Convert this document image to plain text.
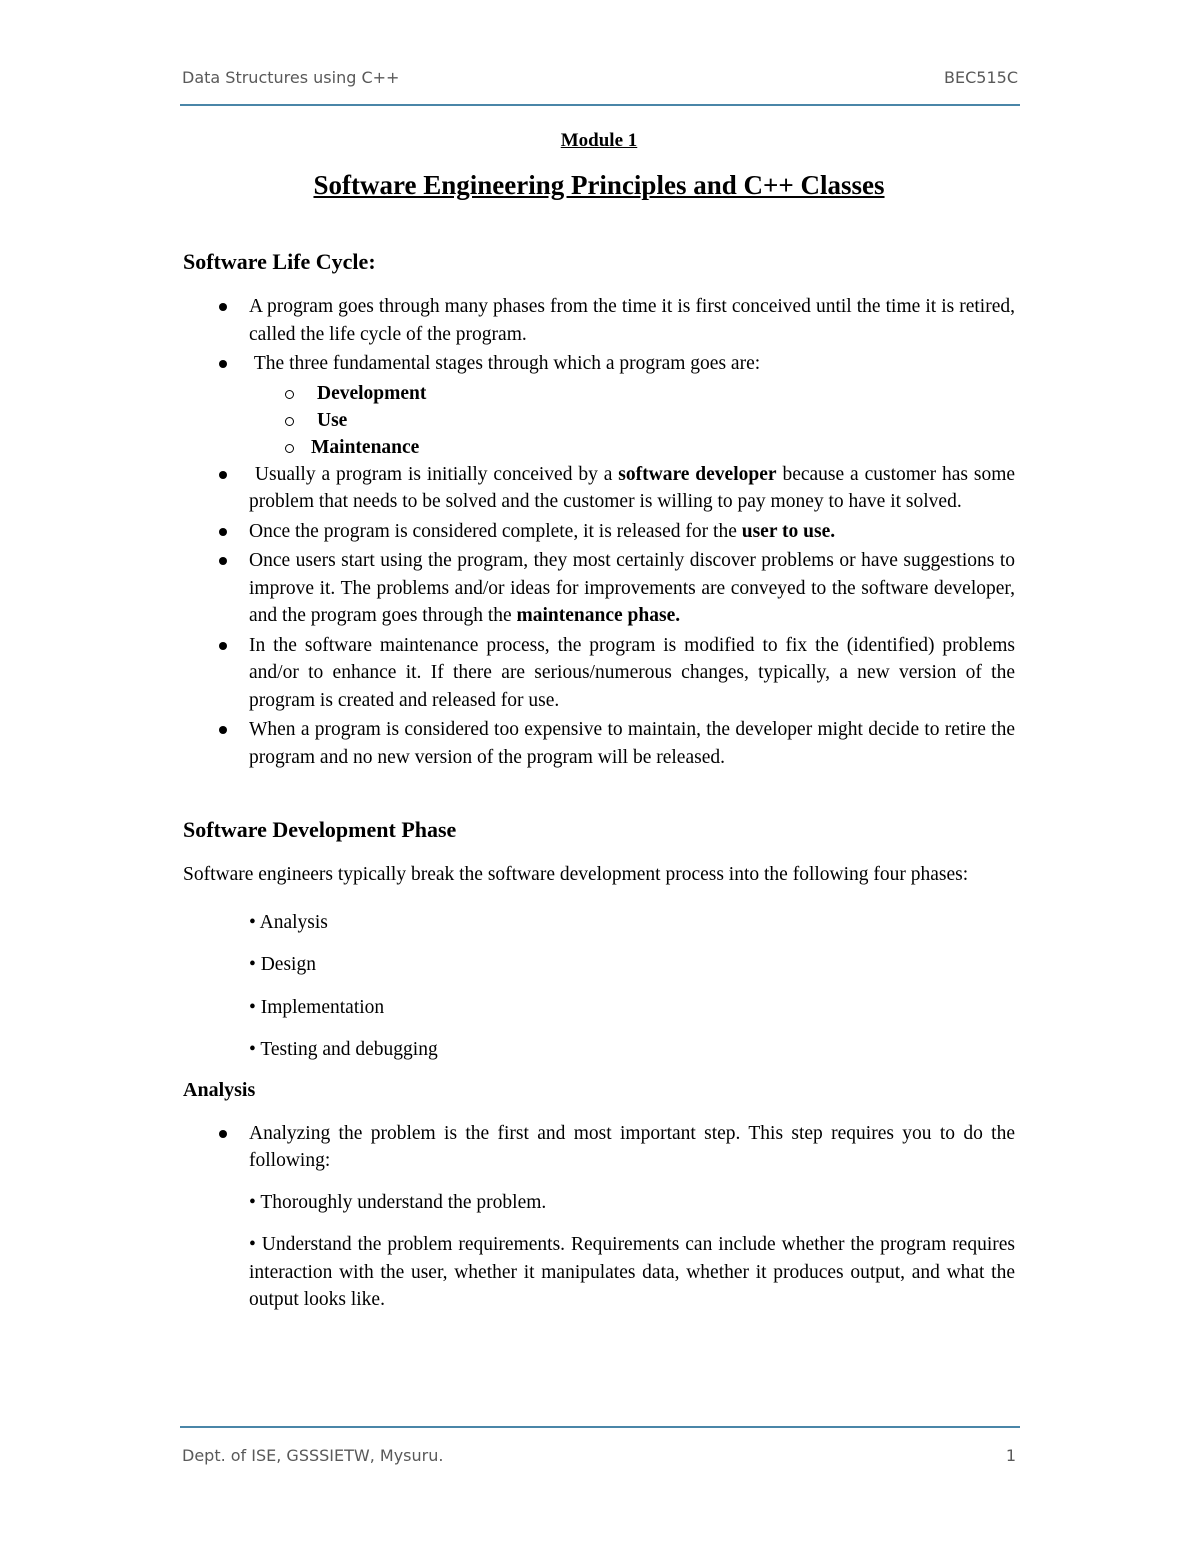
Data Structures using C++	BEC515C
Module 1
Software Engineering Principles and C++ Classes
Software Life Cycle:
A program goes through many phases from the time it is first conceived until the time it is retired, called the life cycle of the program.
The three fundamental stages through which a program goes are:
Development
Use
Maintenance
Usually a program is initially conceived by a software developer because a customer has some problem that needs to be solved and the customer is willing to pay money to have it solved.
Once the program is considered complete, it is released for the user to use.
Once users start using the program, they most certainly discover problems or have suggestions to improve it. The problems and/or ideas for improvements are conveyed to the software developer, and the program goes through the maintenance phase.
In the software maintenance process, the program is modified to fix the (identified) problems and/or to enhance it. If there are serious/numerous changes, typically, a new version of the program is created and released for use.
When a program is considered too expensive to maintain, the developer might decide to retire the program and no new version of the program will be released.
Software Development Phase

Software engineers typically break the software development process into the following four phases:

• Analysis
• Design
• Implementation
• Testing and debugging
Analysis
Analyzing the problem is the first and most important step. This step requires you to do the following:
• Thoroughly understand the problem.
• Understand the problem requirements. Requirements can include whether the program requires interaction with the user, whether it manipulates data, whether it produces output, and what the output looks like.
Dept. of ISE, GSSSIETW, Mysuru.	1
